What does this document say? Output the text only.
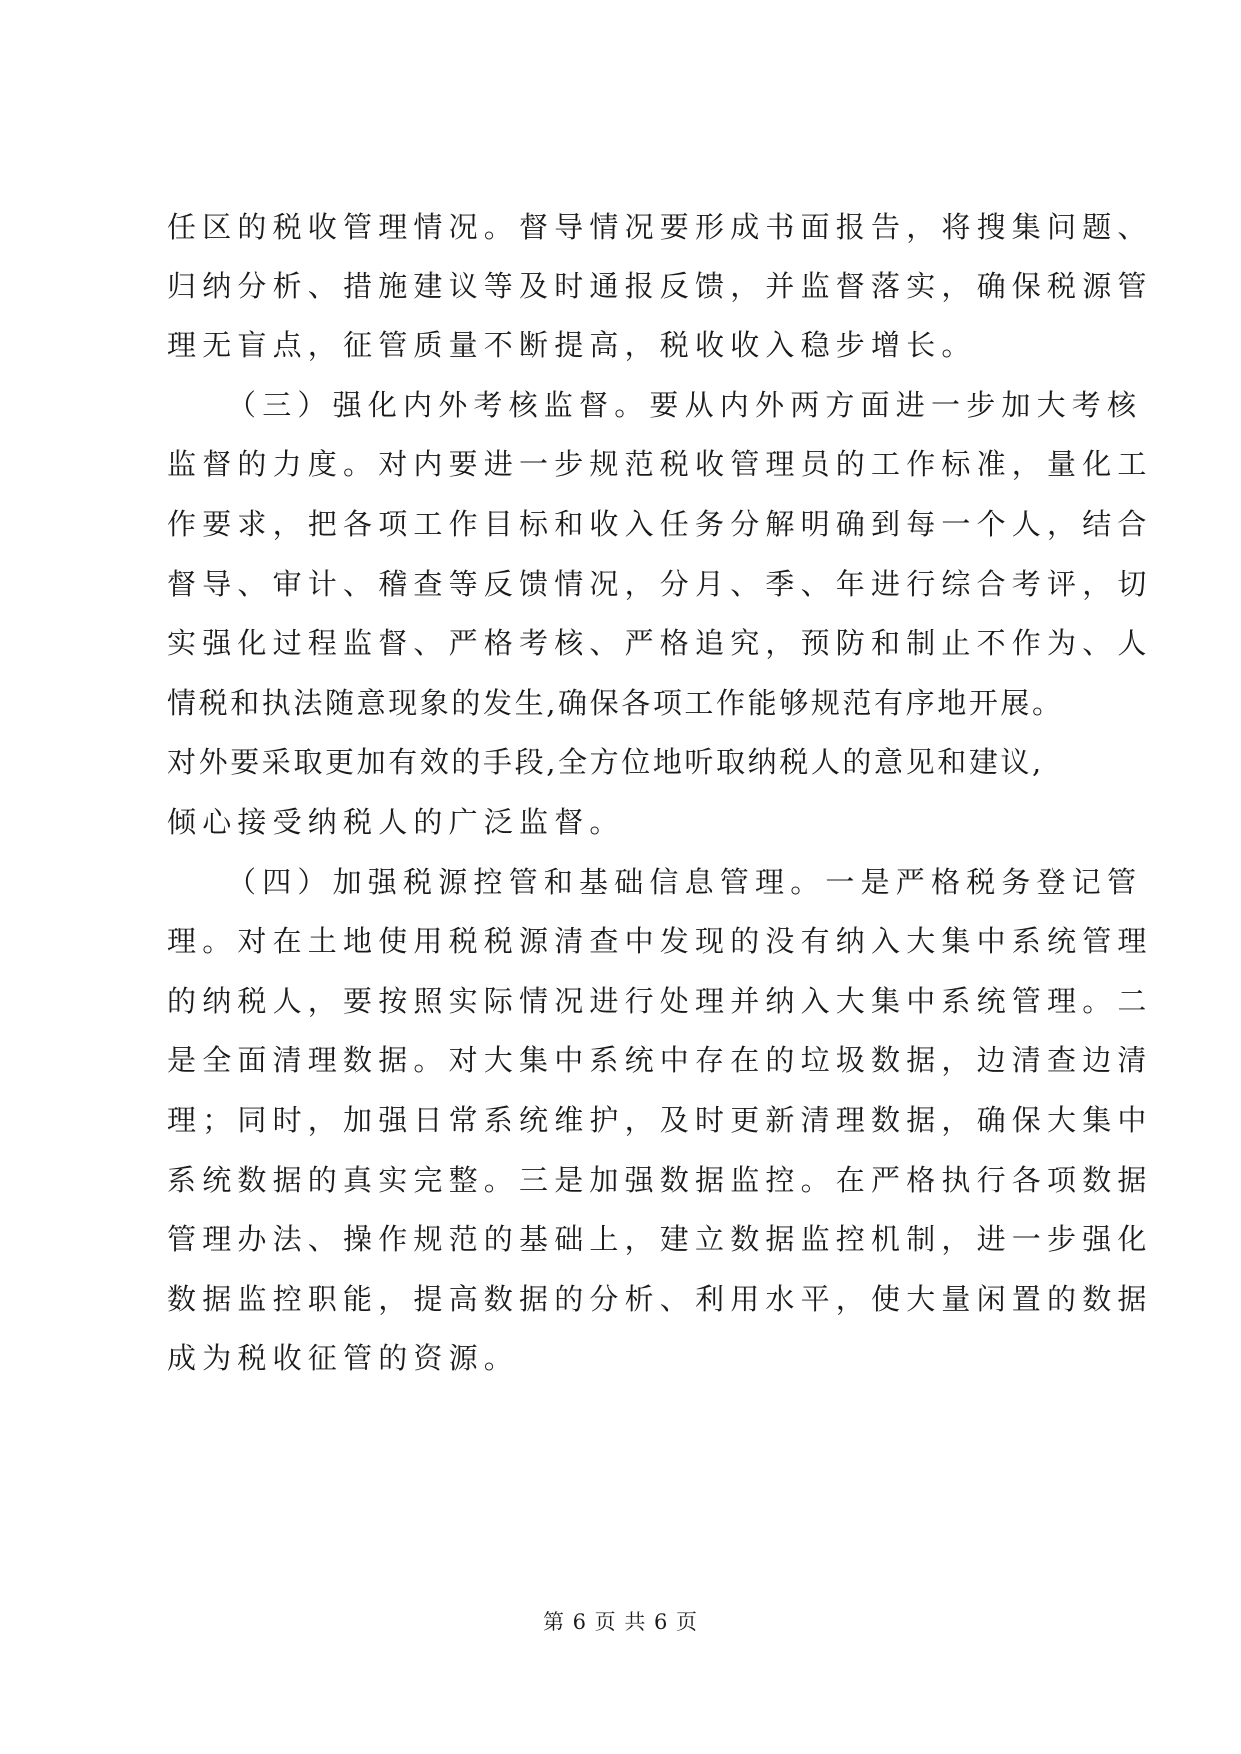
任区的税收管理情况。督导情况要形成书面报告，将搜集问题、
归纳分析、措施建议等及时通报反馈，并监督落实，确保税源管
理无盲点，征管质量不断提高，税收收入稳步增长。
（三）强化内外考核监督。要从内外两方面进一步加大考核
监督的力度。对内要进一步规范税收管理员的工作标准，量化工
作要求，把各项工作目标和收入任务分解明确到每一个人，结合
督导、审计、稽查等反馈情况，分月、季、年进行综合考评，切
实强化过程监督、严格考核、严格追究，预防和制止不作为、人
情税和执法随意现象的发生,确保各项工作能够规范有序地开展。
对外要采取更加有效的手段,全方位地听取纳税人的意见和建议,
倾心接受纳税人的广泛监督。
（四）加强税源控管和基础信息管理。一是严格税务登记管
理。对在土地使用税税源清查中发现的没有纳入大集中系统管理
的纳税人，要按照实际情况进行处理并纳入大集中系统管理。二
是全面清理数据。对大集中系统中存在的垃圾数据，边清查边清
理；同时，加强日常系统维护，及时更新清理数据，确保大集中
系统数据的真实完整。三是加强数据监控。在严格执行各项数据
管理办法、操作规范的基础上，建立数据监控机制，进一步强化
数据监控职能，提高数据的分析、利用水平，使大量闲置的数据
成为税收征管的资源。
第 6 页 共 6 页
